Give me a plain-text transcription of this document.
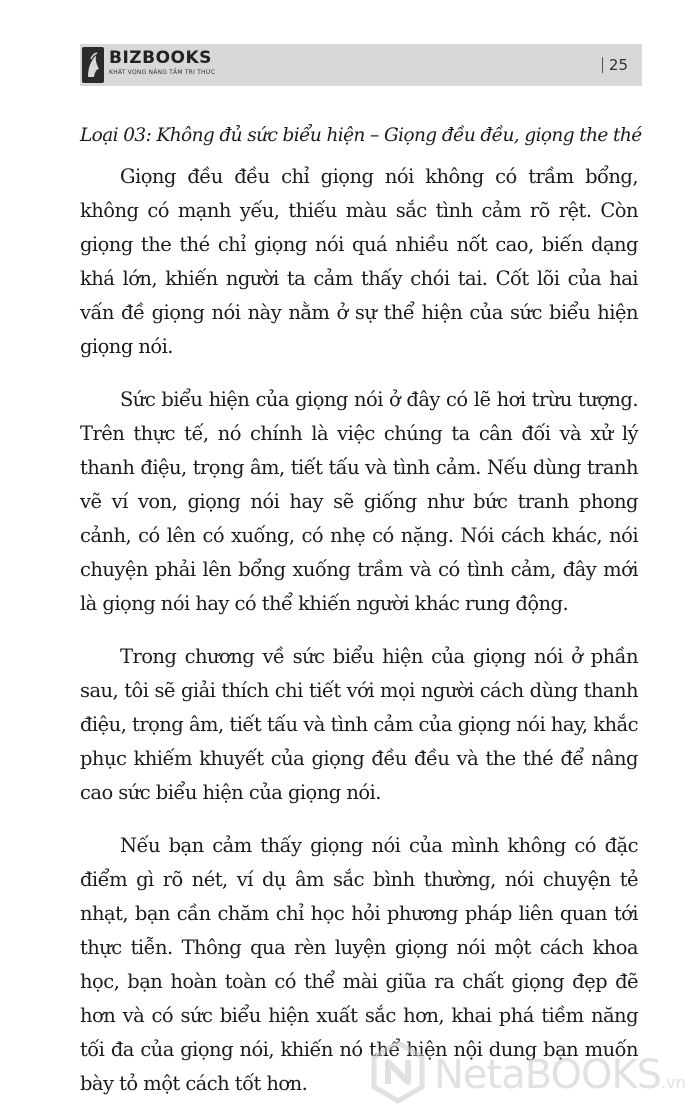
BIZBOOKS
KHÁT VỌNG NÂNG TẦM TRI THỨC	25
Loại 03: Không đủ sức biểu hiện – Giọng đều đều, giọng the thé

Giọng đều đều chỉ giọng nói không có trầm bổng, không có mạnh yếu, thiếu màu sắc tình cảm rõ rệt. Còn giọng the thé chỉ giọng nói quá nhiều nốt cao, biến dạng khá lớn, khiến người ta cảm thấy chói tai. Cốt lõi của hai vấn đề giọng nói này nằm ở sự thể hiện của sức biểu hiện giọng nói.

Sức biểu hiện của giọng nói ở đây có lẽ hơi trừu tượng. Trên thực tế, nó chính là việc chúng ta cân đối và xử lý thanh điệu, trọng âm, tiết tấu và tình cảm. Nếu dùng tranh vẽ ví von, giọng nói hay sẽ giống như bức tranh phong cảnh, có lên có xuống, có nhẹ có nặng. Nói cách khác, nói chuyện phải lên bổng xuống trầm và có tình cảm, đây mới là giọng nói hay có thể khiến người khác rung động.

Trong chương về sức biểu hiện của giọng nói ở phần sau, tôi sẽ giải thích chi tiết với mọi người cách dùng thanh điệu, trọng âm, tiết tấu và tình cảm của giọng nói hay, khắc phục khiếm khuyết của giọng đều đều và the thé để nâng cao sức biểu hiện của giọng nói.

Nếu bạn cảm thấy giọng nói của mình không có đặc điểm gì rõ nét, ví dụ âm sắc bình thường, nói chuyện tẻ nhạt, bạn cần chăm chỉ học hỏi phương pháp liên quan tới thực tiễn. Thông qua rèn luyện giọng nói một cách khoa học, bạn hoàn toàn có thể mài giũa ra chất giọng đẹp đẽ hơn và có sức biểu hiện xuất sắc hơn, khai phá tiềm năng tối đa của giọng nói, khiến nó thể hiện nội dung bạn muốn bày tỏ một cách tốt hơn.	NetaBOOKS.vn
